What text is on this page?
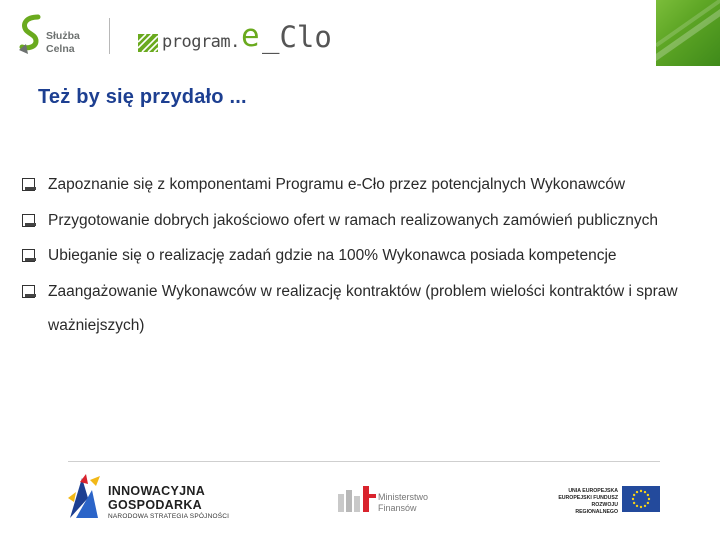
Służba
Celna	program. e _Clo
Też by się przydało ...
Zapoznanie się z komponentami Programu e-Cło przez potencjalnych Wykonawców
Przygotowanie dobrych jakościowo ofert w ramach realizowanych zamówień publicznych
Ubieganie się o realizację zadań gdzie na 100% Wykonawca posiada kompetencje
Zaangażowanie Wykonawców w realizację kontraktów (problem wielości kontraktów i spraw ważniejszych)
INNOWACYJNA
GOSPODARKA
NARODOWA STRATEGIA SPÓJNOŚCI
Ministerstwo
Finansów
UNIA EUROPEJSKA
EUROPEJSKI FUNDUSZ
ROZWOJU REGIONALNEGO
